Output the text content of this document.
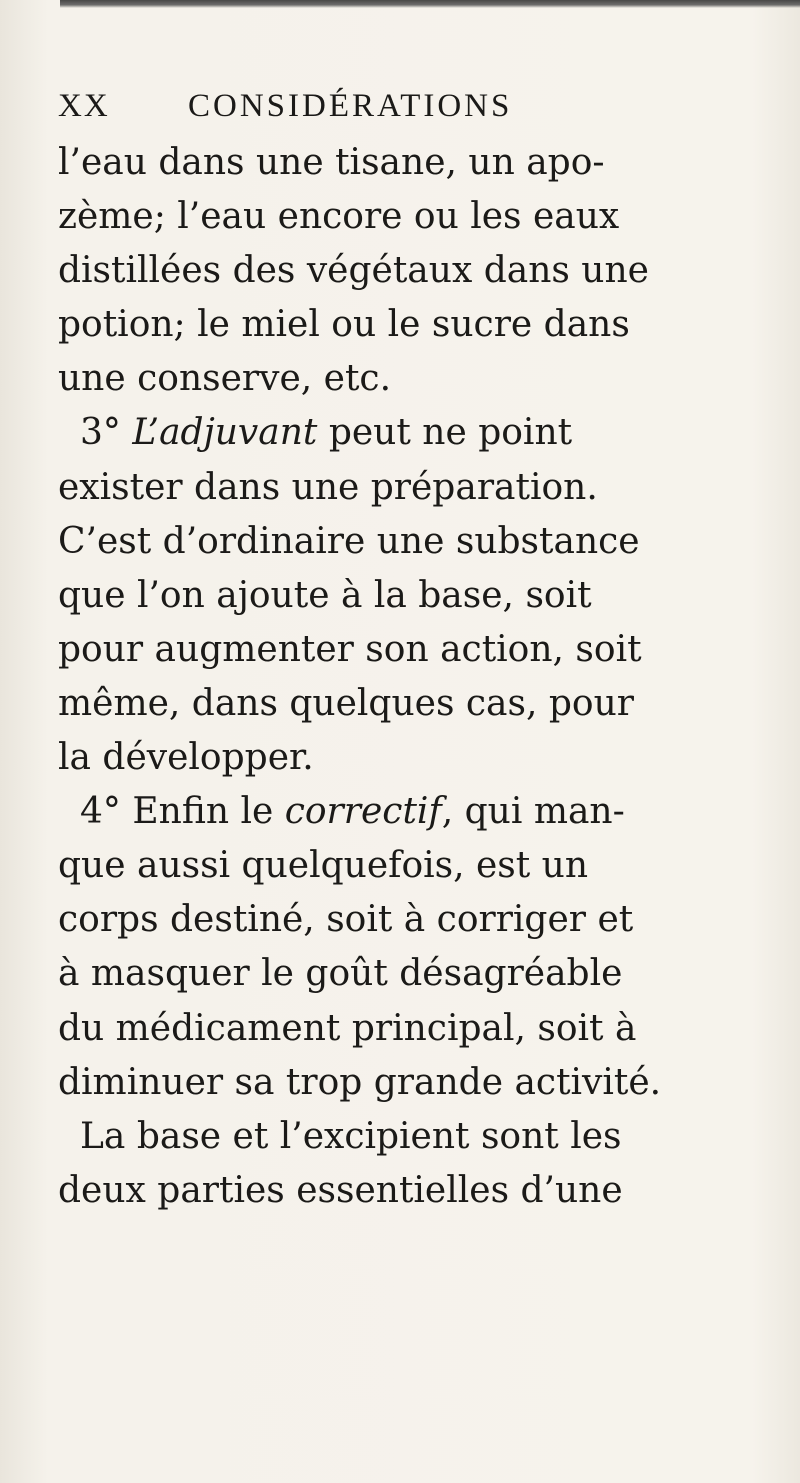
XX CONSIDÉRATIONS
l’eau dans une tisane, un apo-
zème; l’eau encore ou les eaux
distillées des végétaux dans une
potion; le miel ou le sucre dans
une conserve, etc.
3° L’adjuvant peut ne point
exister dans une préparation.
C’est d’ordinaire une substance
que l’on ajoute à la base, soit
pour augmenter son action, soit
même, dans quelques cas, pour
la développer.
4° Enfin le correctif, qui man-
que aussi quelquefois, est un
corps destiné, soit à corriger et
à masquer le goût désagréable
du médicament principal, soit à
diminuer sa trop grande activité.
La base et l’excipient sont les
deux parties essentielles d’une
